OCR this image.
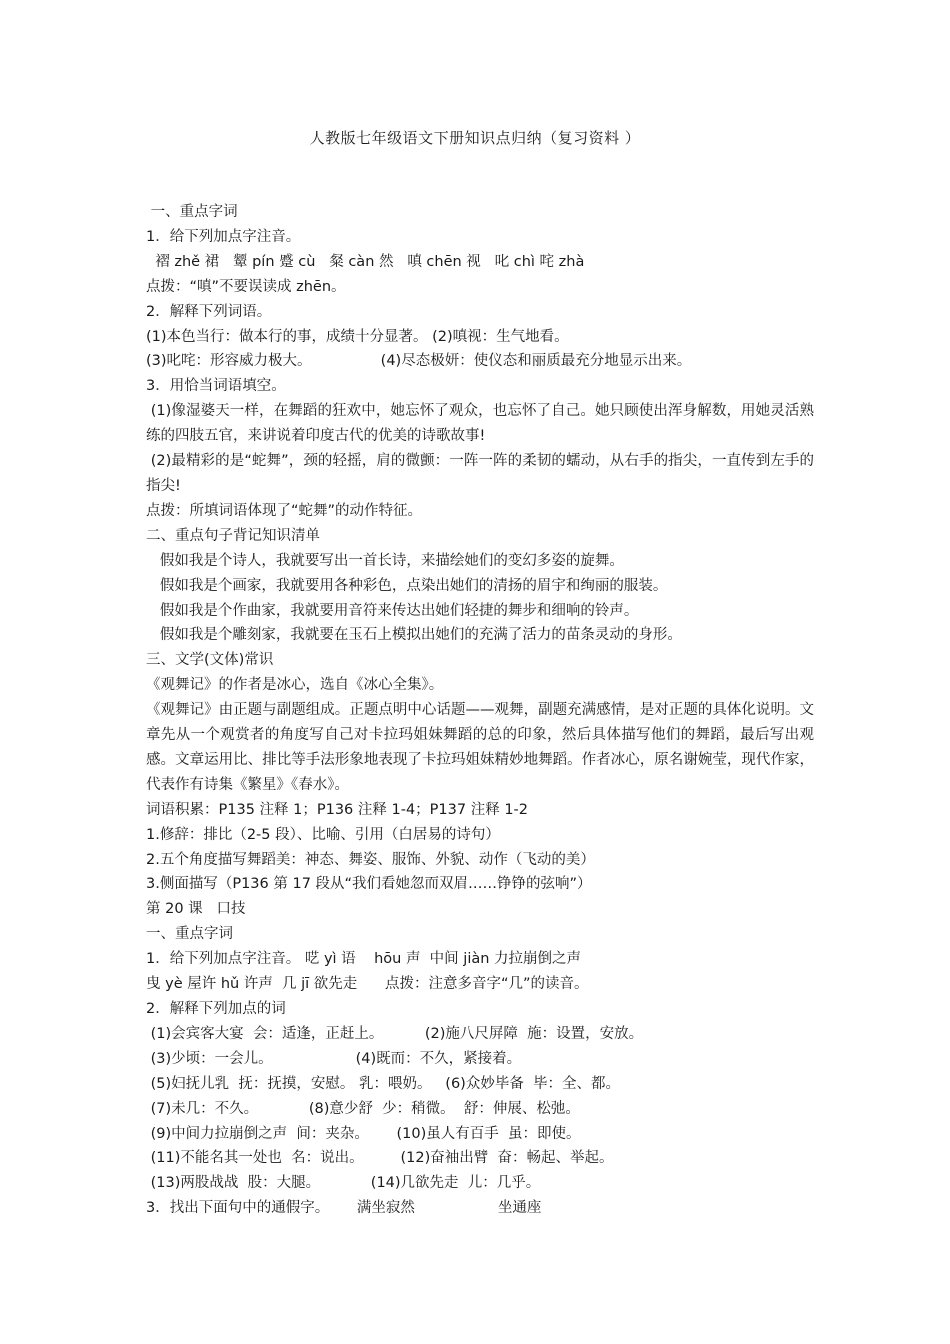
人教版七年级语文下册知识点归纳（复习资料 ）

一、重点字词

1．给下列加点字注音。

褶 zhě 裙   颦 pín 蹙 cù   粲 càn 然   嗔 chēn 视   叱 chì 咤 zhà

点拨：“嗔”不要误读成 zhēn。

2．解释下列词语。

(1)本色当行：做本行的事，成绩十分显著。 (2)嗔视：生气地看。

(3)叱咤：形容威力极大。               (4)尽态极妍：使仪态和丽质最充分地显示出来。

3．用恰当词语填空。

(1)像湿婆天一样，在舞蹈的狂欢中，她忘怀了观众，也忘怀了自己。她只顾使出浑身解数，用她灵活熟练的四肢五官，来讲说着印度古代的优美的诗歌故事!

(2)最精彩的是“蛇舞”，颈的轻摇，肩的微颤：一阵一阵的柔韧的蠕动，从右手的指尖，一直传到左手的指尖!

点拨：所填词语体现了“蛇舞”的动作特征。

二、重点句子背记知识清单

假如我是个诗人，我就要写出一首长诗，来描绘她们的变幻多姿的旋舞。

假如我是个画家，我就要用各种彩色，点染出她们的清扬的眉宇和绚丽的服装。

假如我是个作曲家，我就要用音符来传达出她们轻捷的舞步和细响的铃声。

假如我是个雕刻家，我就要在玉石上模拟出她们的充满了活力的苗条灵动的身形。

三、文学(文体)常识

《观舞记》的作者是冰心，选自《冰心全集》。

《观舞记》由正题与副题组成。正题点明中心话题——观舞，副题充满感情，是对正题的具体化说明。文章先从一个观赏者的角度写自己对卡拉玛姐妹舞蹈的总的印象，然后具体描写他们的舞蹈，最后写出观感。文章运用比、排比等手法形象地表现了卡拉玛姐妹精妙地舞蹈。作者冰心，原名谢婉莹，现代作家，代表作有诗集《繁星》《春水》。

词语积累：P135 注释 1；P136 注释 1-4；P137 注释 1-2

1.修辞：排比（2-5 段）、比喻、引用（白居易的诗句）

2.五个角度描写舞蹈美：神态、舞姿、服饰、外貌、动作（飞动的美）

3.侧面描写（P136 第 17 段从“我们看她忽而双眉……铮铮的弦响”）

第 20 课   口技

一、重点字词

1．给下列加点字注音。 呓 yì 语    hōu 声  中间 jiàn 力拉崩倒之声

曳 yè 屋许 hǔ 许声  几 jī 欲先走      点拨：注意多音字“几”的读音。

2．解释下列加点的词

(1)会宾客大宴  会：适逢，正赶上。         (2)施八尺屏障  施：设置，安放。

(3)少顷：一会儿。                  (4)既而：不久，紧接着。

(5)妇抚儿乳  抚：抚摸，安慰。 乳：喂奶。   (6)众妙毕备  毕：全、都。

(7)未几：不久。           (8)意少舒  少：稍微。  舒：伸展、松弛。

(9)中间力拉崩倒之声  间：夹杂。      (10)虽人有百手  虽：即使。

(11)不能名其一处也  名：说出。        (12)奋袖出臂  奋：畅起、举起。

(13)两股战战  股：大腿。           (14)几欲先走  儿：几乎。

3．找出下面句中的通假字。      满坐寂然                  坐通座
